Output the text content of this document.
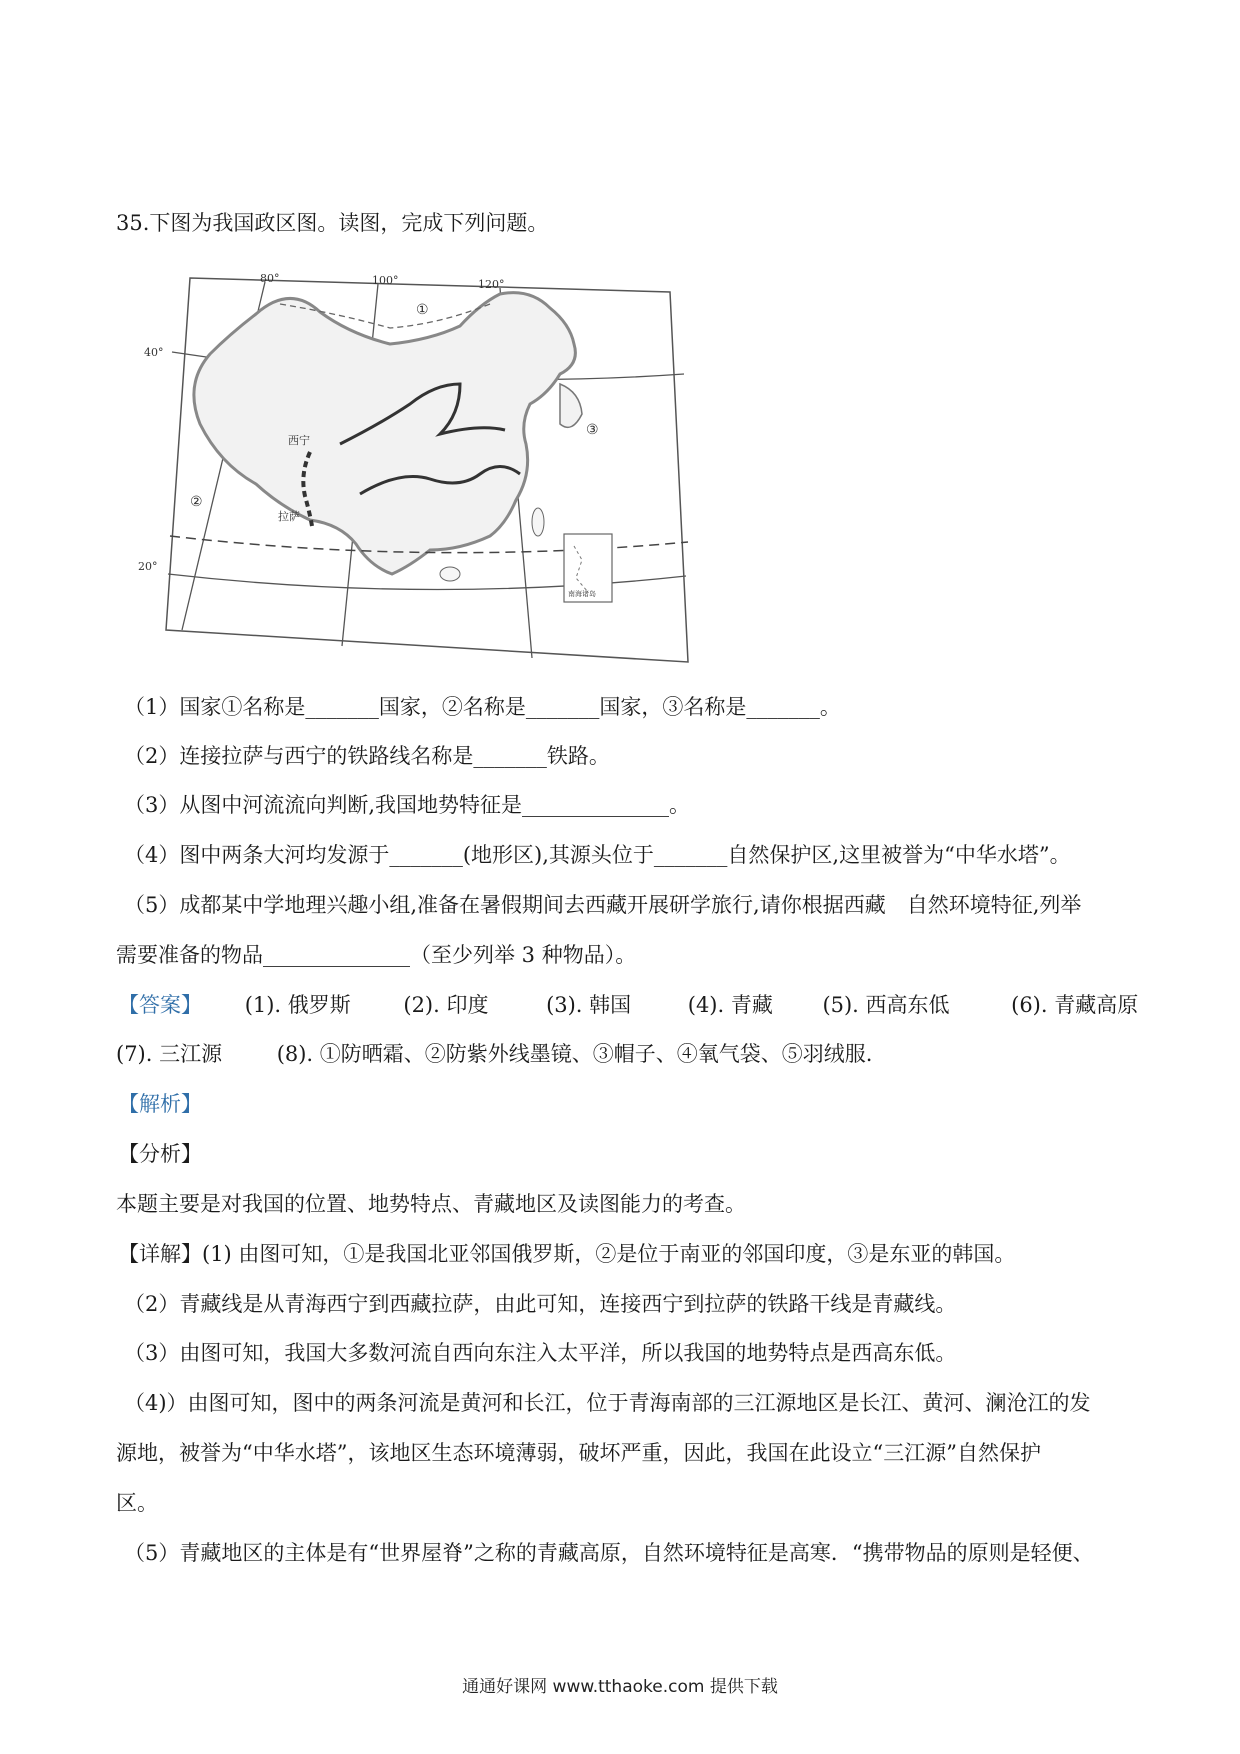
35.下图为我国政区图。读图，完成下列问题。
80°	100°	120°
40°
20°
①
②
③
西宁
拉萨
南海诸岛
（1）国家①名称是_______国家，②名称是_______国家，③名称是_______。
（2）连接拉萨与西宁的铁路线名称是_______铁路。
（3）从图中河流流向判断,我国地势特征是______________。
（4）图中两条大河均发源于_______(地形区),其源头位于_______自然保护区,这里被誉为“中华水塔”。
（5）成都某中学地理兴趣小组,准备在暑假期间去西藏开展研学旅行,请你根据西藏　自然环境特征,列举
需要准备的物品______________（至少列举 3 种物品）。
【答案】 (1). 俄罗斯	(2). 印度	(3). 韩国	(4). 青藏 (5). 西高东低	(6). 青藏高原
(7). 三江源	(8). ①防晒霜、②防紫外线墨镜、③帽子、④氧气袋、⑤羽绒服.
【解析】
【分析】
本题主要是对我国的位置、地势特点、青藏地区及读图能力的考查。
【详解】(1) 由图可知，①是我国北亚邻国俄罗斯，②是位于南亚的邻国印度，③是东亚的韩国。
（2）青藏线是从青海西宁到西藏拉萨，由此可知，连接西宁到拉萨的铁路干线是青藏线。
（3）由图可知，我国大多数河流自西向东注入太平洋，所以我国的地势特点是西高东低。
（4)）由图可知，图中的两条河流是黄河和长江，位于青海南部的三江源地区是长江、黄河、澜沧江的发
源地，被誉为“中华水塔”，该地区生态环境薄弱，破坏严重，因此，我国在此设立“三江源”自然保护
区。
（5）青藏地区的主体是有“世界屋脊”之称的青藏高原，自然环境特征是高寒．“携带物品的原则是轻便、
通通好课网 www.tthaoke.com 提供下载
